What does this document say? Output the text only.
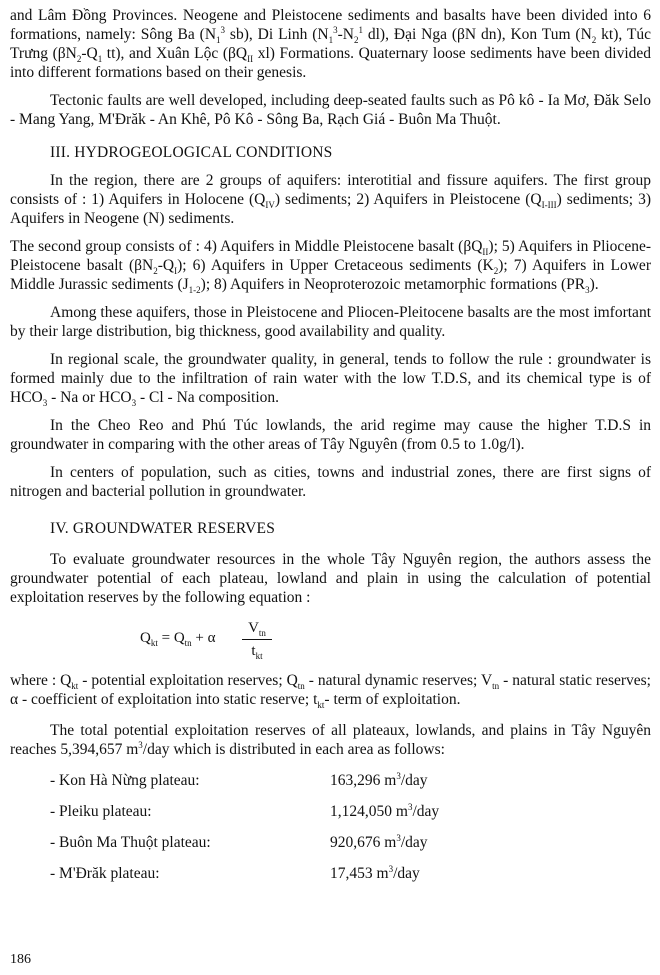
and Lâm Đồng Provinces. Neogene and Pleistocene sediments and basalts have been divided into 6 formations, namely: Sông Ba ($N_1^3$ sb), Di Linh ($N_1^3-N_2^1$ dl), Đại Nga (βN dn), Kon Tum ($N_2$ kt), Túc Trưng ($\beta N_2-Q_1$ tt), and Xuân Lộc ($\beta Q_{II}$ xl) Formations. Quaternary loose sediments have been divided into different formations based on their genesis.

Tectonic faults are well developed, including deep-seated faults such as Pô kô - Ia Mơ, Đăk Selo - Mang Yang, M'Đrăk - An Khê, Pô Kô - Sông Ba, Rạch Giá - Buôn Ma Thuột.

III. HYDROGEOLOGICAL CONDITIONS

In the region, there are 2 groups of aquifers: interotitial and fissure aquifers. The first group consists of : 1) Aquifers in Holocene $(Q_{IV})$ sediments; 2) Aquifers in Pleistocene $(Q_{I-III})$ sediments; 3) Aquifers in Neogene (N) sediments.

The second group consists of : 4) Aquifers in Middle Pleistocene basalt $(\beta Q_{II})$; 5) Aquifers in Pliocene-Pleistocene basalt $(\beta N_2-Q_I)$; 6) Aquifers in Upper Cretaceous sediments $(K_2)$; 7) Aquifers in Lower Middle Jurassic sediments $(J_{1-2})$; 8) Aquifers in Neoproterozoic metamorphic formations $(PR_3)$.

Among these aquifers, those in Pleistocene and Pliocen-Pleitocene basalts are the most imfortant by their large distribution, big thickness, good availability and quality.

In regional scale, the groundwater quality, in general, tends to follow the rule : groundwater is formed mainly due to the infiltration of rain water with the low T.D.S, and its chemical type is of $HCO_3$ - Na or $HCO_3$ - Cl - Na composition.

In the Cheo Reo and Phú Túc lowlands, the arid regime may cause the higher T.D.S in groundwater in comparing with the other areas of Tây Nguyên (from 0.5 to 1.0g/l).

In centers of population, such as cities, towns and industrial zones, there are first signs of nitrogen and bacterial pollution in groundwater.

IV. GROUNDWATER RESERVES

To evaluate groundwater resources in the whole Tây Nguyên region, the authors assess the groundwater potential of each plateau, lowland and plain in using the calculation of potential exploitation reserves by the following equation :

$Q_{kt} = Q_{tn} + \alpha$
$V_{tn}$
$t_{kt}$

where : $Q_{kt}$ - potential exploitation reserves; $Q_{tn}$ - natural dynamic reserves; $V_{tn}$ - natural static reserves; α - coefficient of exploitation into static reserve; $t_{kt}-$ term of exploitation.

The total potential exploitation reserves of all plateaux, lowlands, and plains in Tây Nguyên reaches 5,394,657 $m^3$/day which is distributed in each area as follows:

- Kon Hà Nừng plateau:	163,296 $m^3$/day
- Pleiku plateau:	1,124,050 $m^3$/day
- Buôn Ma Thuột plateau:	920,676 $m^3$/day
- M'Đrăk plateau:	17,453 $m^3$/day
186
